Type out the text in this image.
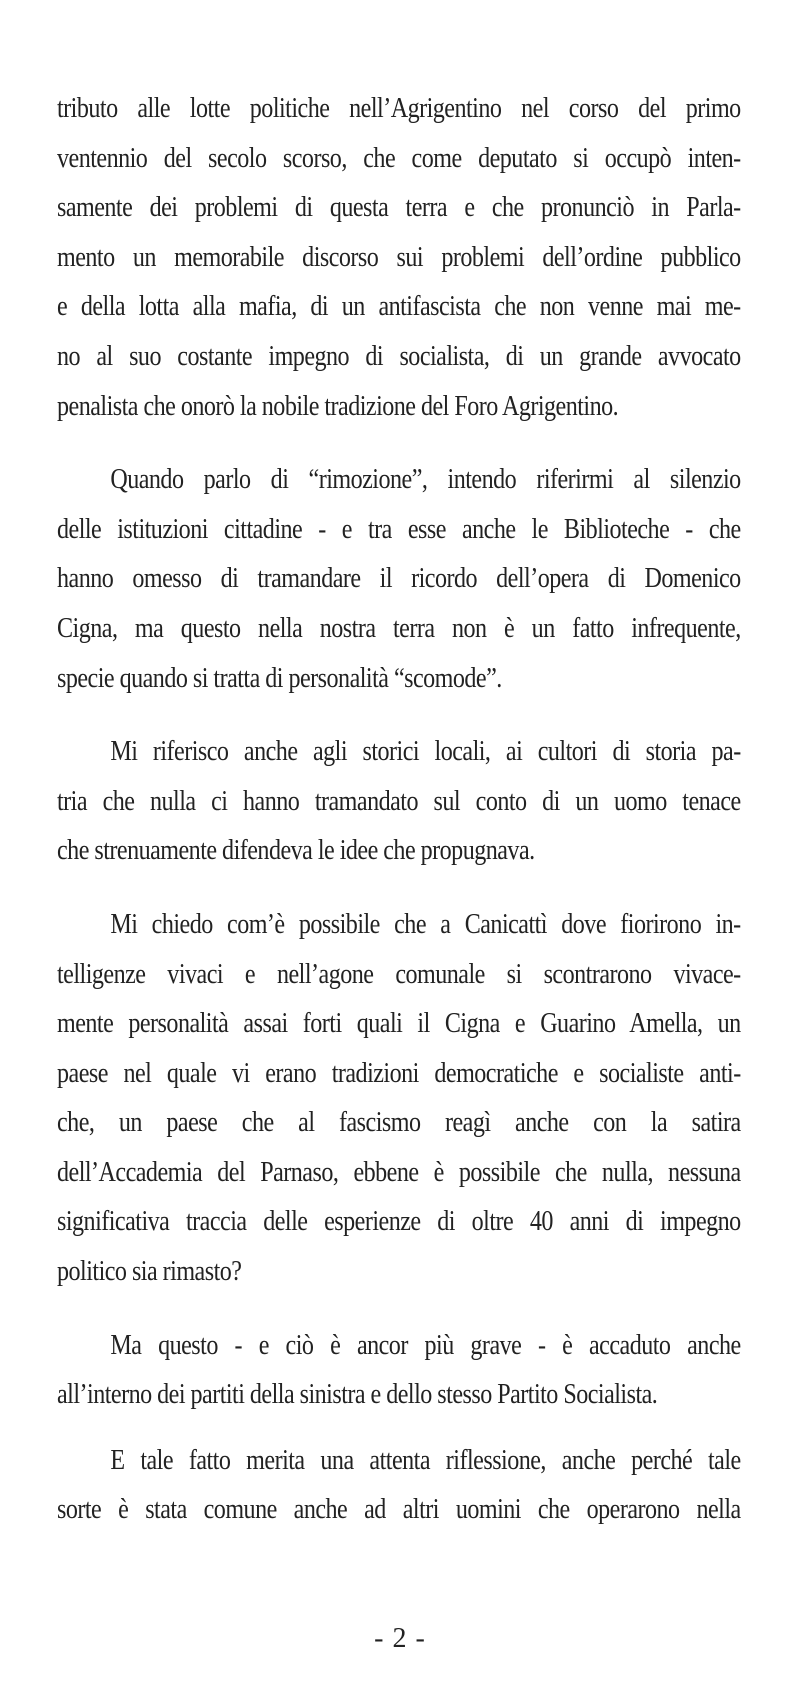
tributo alle lotte politiche nell’Agrigentino nel corso del primo
ventennio del secolo scorso, che come deputato si occupò inten-
samente dei problemi di questa terra e che pronunciò in Parla-
mento un memorabile discorso sui problemi dell’ordine pubblico
e della lotta alla mafia, di un antifascista che non venne mai me-
no al suo costante impegno di socialista, di un grande avvocato
penalista che onorò la nobile tradizione del Foro Agrigentino.

Quando parlo di “rimozione”, intendo riferirmi al silenzio
delle istituzioni cittadine - e tra esse anche le Biblioteche - che
hanno omesso di tramandare il ricordo dell’opera di Domenico
Cigna, ma questo nella nostra terra non è un fatto infrequente,
specie quando si tratta di personalità “scomode”.

Mi riferisco anche agli storici locali, ai cultori di storia pa-
tria che nulla ci hanno tramandato sul conto di un uomo tenace
che strenuamente difendeva le idee che propugnava.

Mi chiedo com’è possibile che a Canicattì dove fiorirono in-
telligenze vivaci e nell’agone comunale si scontrarono vivace-
mente personalità assai forti quali il Cigna e Guarino Amella, un
paese nel quale vi erano tradizioni democratiche e socialiste anti-
che, un paese che al fascismo reagì anche con la satira
dell’Accademia del Parnaso, ebbene è possibile che nulla, nessuna
significativa traccia delle esperienze di oltre 40 anni di impegno
politico sia rimasto?

Ma questo - e ciò è ancor più grave - è accaduto anche
all’interno dei partiti della sinistra e dello stesso Partito Socialista.

E tale fatto merita una attenta riflessione, anche perché tale
sorte è stata comune anche ad altri uomini che operarono nella

- 2 -
